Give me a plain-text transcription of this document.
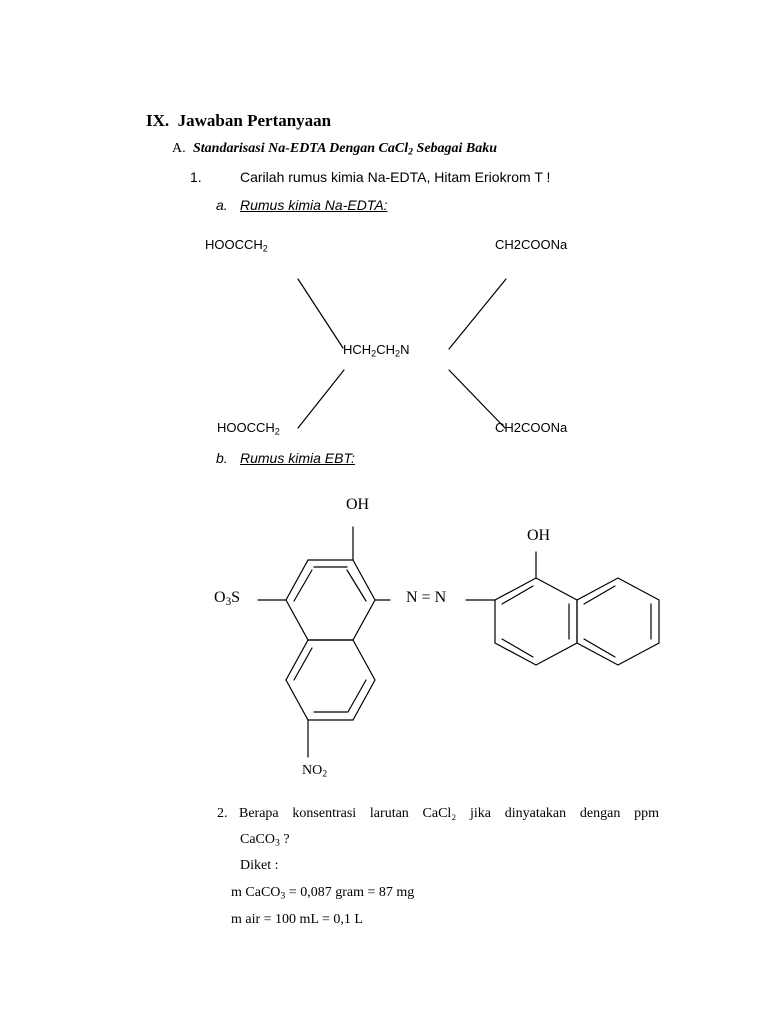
IX. Jawaban Pertanyaan
A. Standarisasi Na-EDTA Dengan CaCl$_2$ Sebagai Baku
1.	Carilah rumus kimia Na-EDTA, Hitam Eriokrom T !
a. Rumus kimia Na-EDTA:
$HOOCCH_2$	CH2COONa
$HCH_2CH_2N$
$HOOCCH_2$	CH2COONa
b. Rumus kimia EBT:
OH
OH
$O_3S$	N = N
$NO_2$
2. Berapa konsentrasi larutan CaCl₂ jika dinyatakan dengan ppm
CaCO$_3$ ?
Diket :
m CaCO$_3$ = 0,087 gram = 87 mg
m air = 100 mL = 0,1 L
